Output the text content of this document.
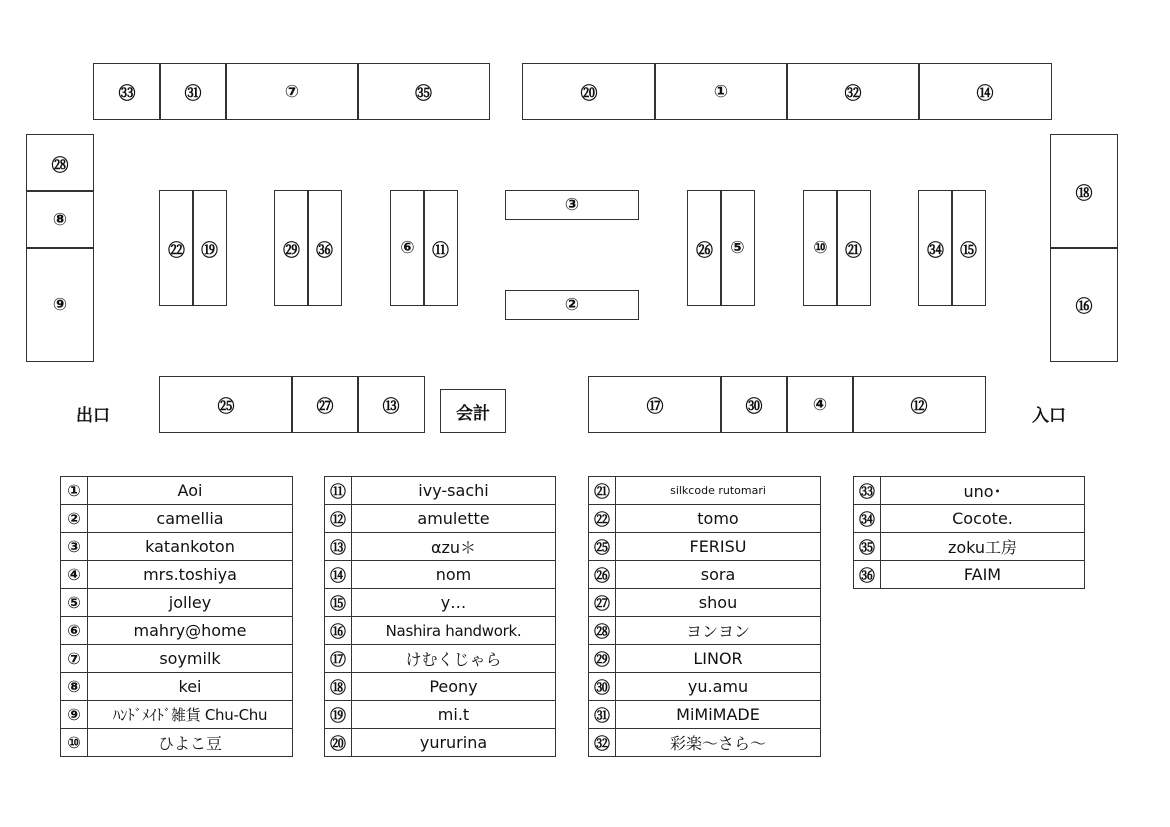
㉝	㉛	⑦	㉟	⑳	①	㉜	⑭
㉘
⑧
⑨
⑱
⑯
㉒ ⑲	㉙ ㊱	⑥	⑪
③
②
㉖	⑤	⑩	㉑	㉞ ⑮
出口	㉕	㉗	⑬	会計	⑰	㉚	④	⑫	入口
①	Aoi
②	camellia
③	katankoton
④	mrs.toshiya
⑤	jolley
⑥	mahry@home
⑦	soymilk
⑧	kei
⑨	ﾊﾝﾄﾞﾒｲﾄﾞ雑貨 Chu-Chu
⑩	ひよこ豆
⑪	ivy-sachi
⑫	amulette
⑬	αzu＊
⑭	nom
⑮	y…
⑯	Nashira handwork.
⑰	けむくじゃら
⑱	Peony
⑲	mi.t
⑳	yururina
㉑	silkcode rutomari
㉒	tomo
㉕	FERISU
㉖	sora
㉗	shou
㉘	ヨンヨン
㉙	LINOR
㉚	yu.amu
㉛	MiMiMADE
㉜	彩楽～さら～
㉝	uno･
㉞	Cocote.
㉟	zoku工房
㊱	FAIM
